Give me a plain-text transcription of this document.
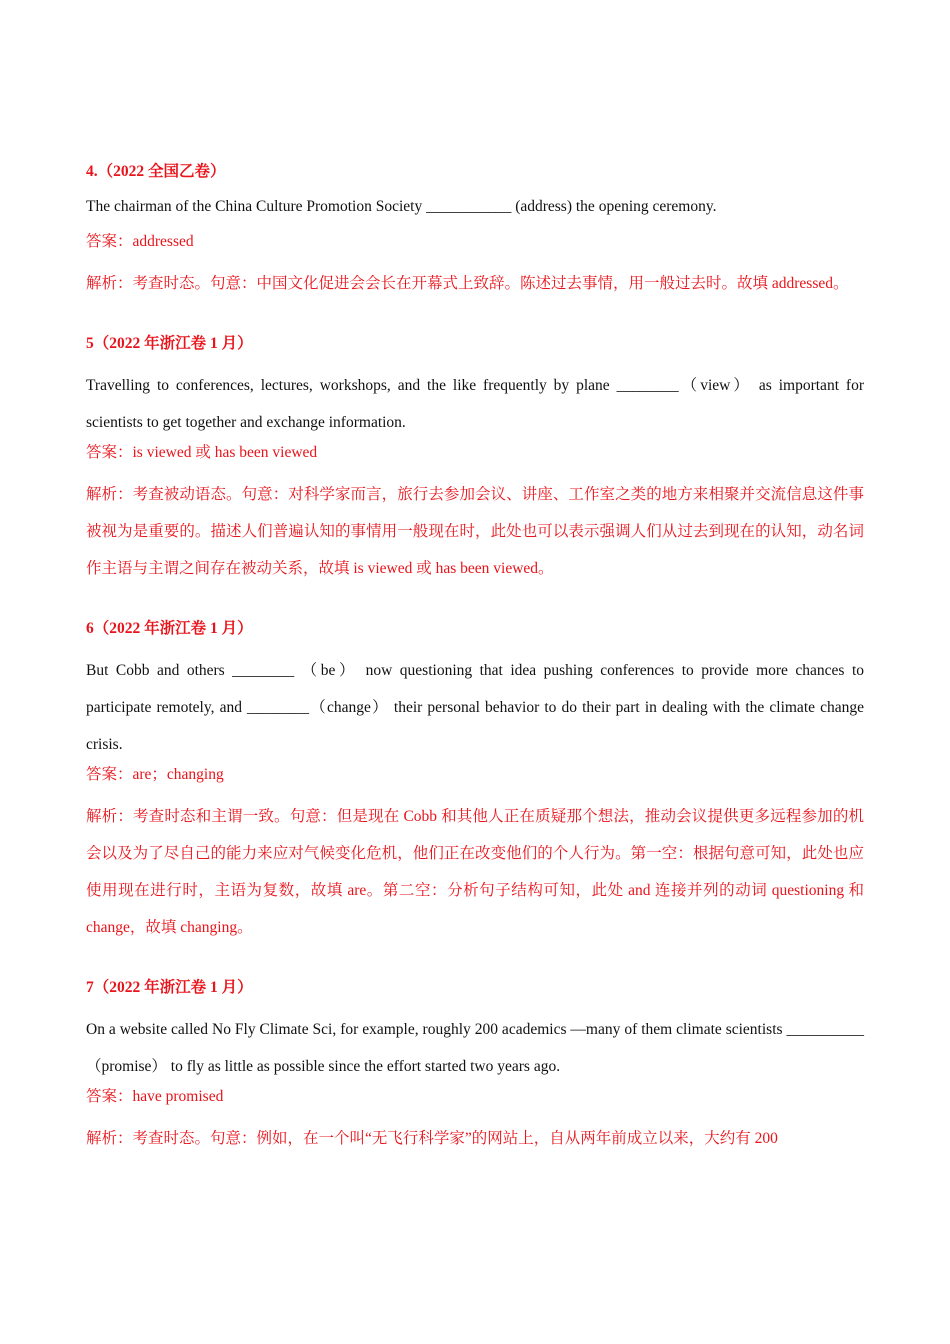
4.（2022 全国乙卷）
The chairman of the China Culture Promotion Society ___________ (address) the opening ceremony.
答案：addressed
解析：考查时态。句意：中国文化促进会会长在开幕式上致辞。陈述过去事情，用一般过去时。故填 addressed。
5（2022 年浙江卷 1 月）
Travelling to conferences, lectures, workshops, and the like frequently by plane ________（view） as important for scientists to get together and exchange information.
答案：is viewed 或 has been viewed
解析：考查被动语态。句意：对科学家而言，旅行去参加会议、讲座、工作室之类的地方来相聚并交流信息这件事被视为是重要的。描述人们普遍认知的事情用一般现在时，此处也可以表示强调人们从过去到现在的认知，动名词作主语与主谓之间存在被动关系，故填 is viewed 或 has been viewed。
6（2022 年浙江卷 1 月）
But Cobb and others ________ （be） now questioning that idea pushing conferences to provide more chances to participate remotely, and ________（change） their personal behavior to do their part in dealing with the climate change crisis.
答案：are；changing
解析：考查时态和主谓一致。句意：但是现在 Cobb 和其他人正在质疑那个想法，推动会议提供更多远程参加的机会以及为了尽自己的能力来应对气候变化危机，他们正在改变他们的个人行为。第一空：根据句意可知，此处也应使用现在进行时，主语为复数，故填 are。第二空：分析句子结构可知，此处 and 连接并列的动词 questioning 和 change，故填 changing。
7（2022 年浙江卷 1 月）
On a website called No Fly Climate Sci, for example, roughly 200 academics —many of them climate scientists __________（promise） to fly as little as possible since the effort started two years ago.
答案：have promised
解析：考查时态。句意：例如，在一个叫“无飞行科学家”的网站上，自从两年前成立以来，大约有 200
